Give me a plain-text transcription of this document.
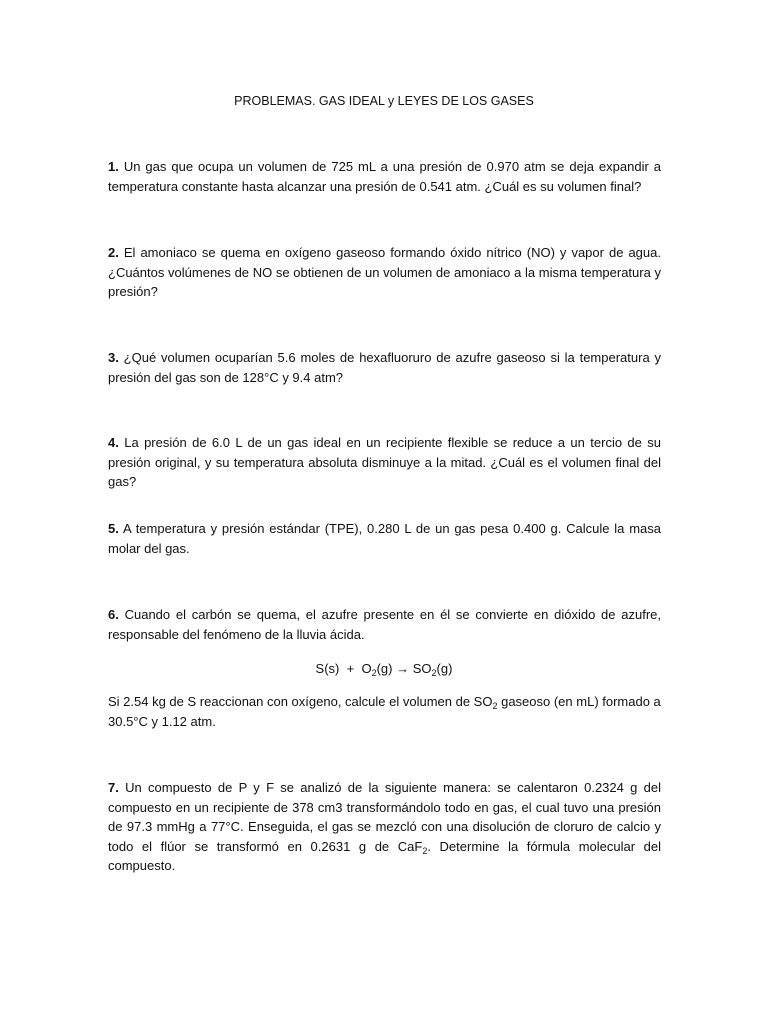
PROBLEMAS. GAS IDEAL y LEYES DE LOS GASES
1. Un gas que ocupa un volumen de 725 mL a una presión de 0.970 atm se deja expandir a temperatura constante hasta alcanzar una presión de 0.541 atm. ¿Cuál es su volumen final?
2. El amoniaco se quema en oxígeno gaseoso formando óxido nítrico (NO) y vapor de agua. ¿Cuántos volúmenes de NO se obtienen de un volumen de amoniaco a la misma temperatura y presión?
3. ¿Qué volumen ocuparían 5.6 moles de hexafluoruro de azufre gaseoso si la temperatura y presión del gas son de 128°C y 9.4 atm?
4. La presión de 6.0 L de un gas ideal en un recipiente flexible se reduce a un tercio de su presión original, y su temperatura absoluta disminuye a la mitad. ¿Cuál es el volumen final del gas?
5. A temperatura y presión estándar (TPE), 0.280 L de un gas pesa 0.400 g. Calcule la masa molar del gas.
6. Cuando el carbón se quema, el azufre presente en él se convierte en dióxido de azufre, responsable del fenómeno de la lluvia ácida.
$S(s) + O_2(g) \to SO_2(g)$
Si 2.54 kg de S reaccionan con oxígeno, calcule el volumen de $SO_2$ gaseoso (en mL) formado a 30.5°C y 1.12 atm.
7. Un compuesto de P y F se analizó de la siguiente manera: se calentaron 0.2324 g del compuesto en un recipiente de 378 cm3 transformándolo todo en gas, el cual tuvo una presión de 97.3 mmHg a 77°C. Enseguida, el gas se mezcló con una disolución de cloruro de calcio y todo el flúor se transformó en 0.2631 g de CaF$_2$. Determine la fórmula molecular del compuesto.
